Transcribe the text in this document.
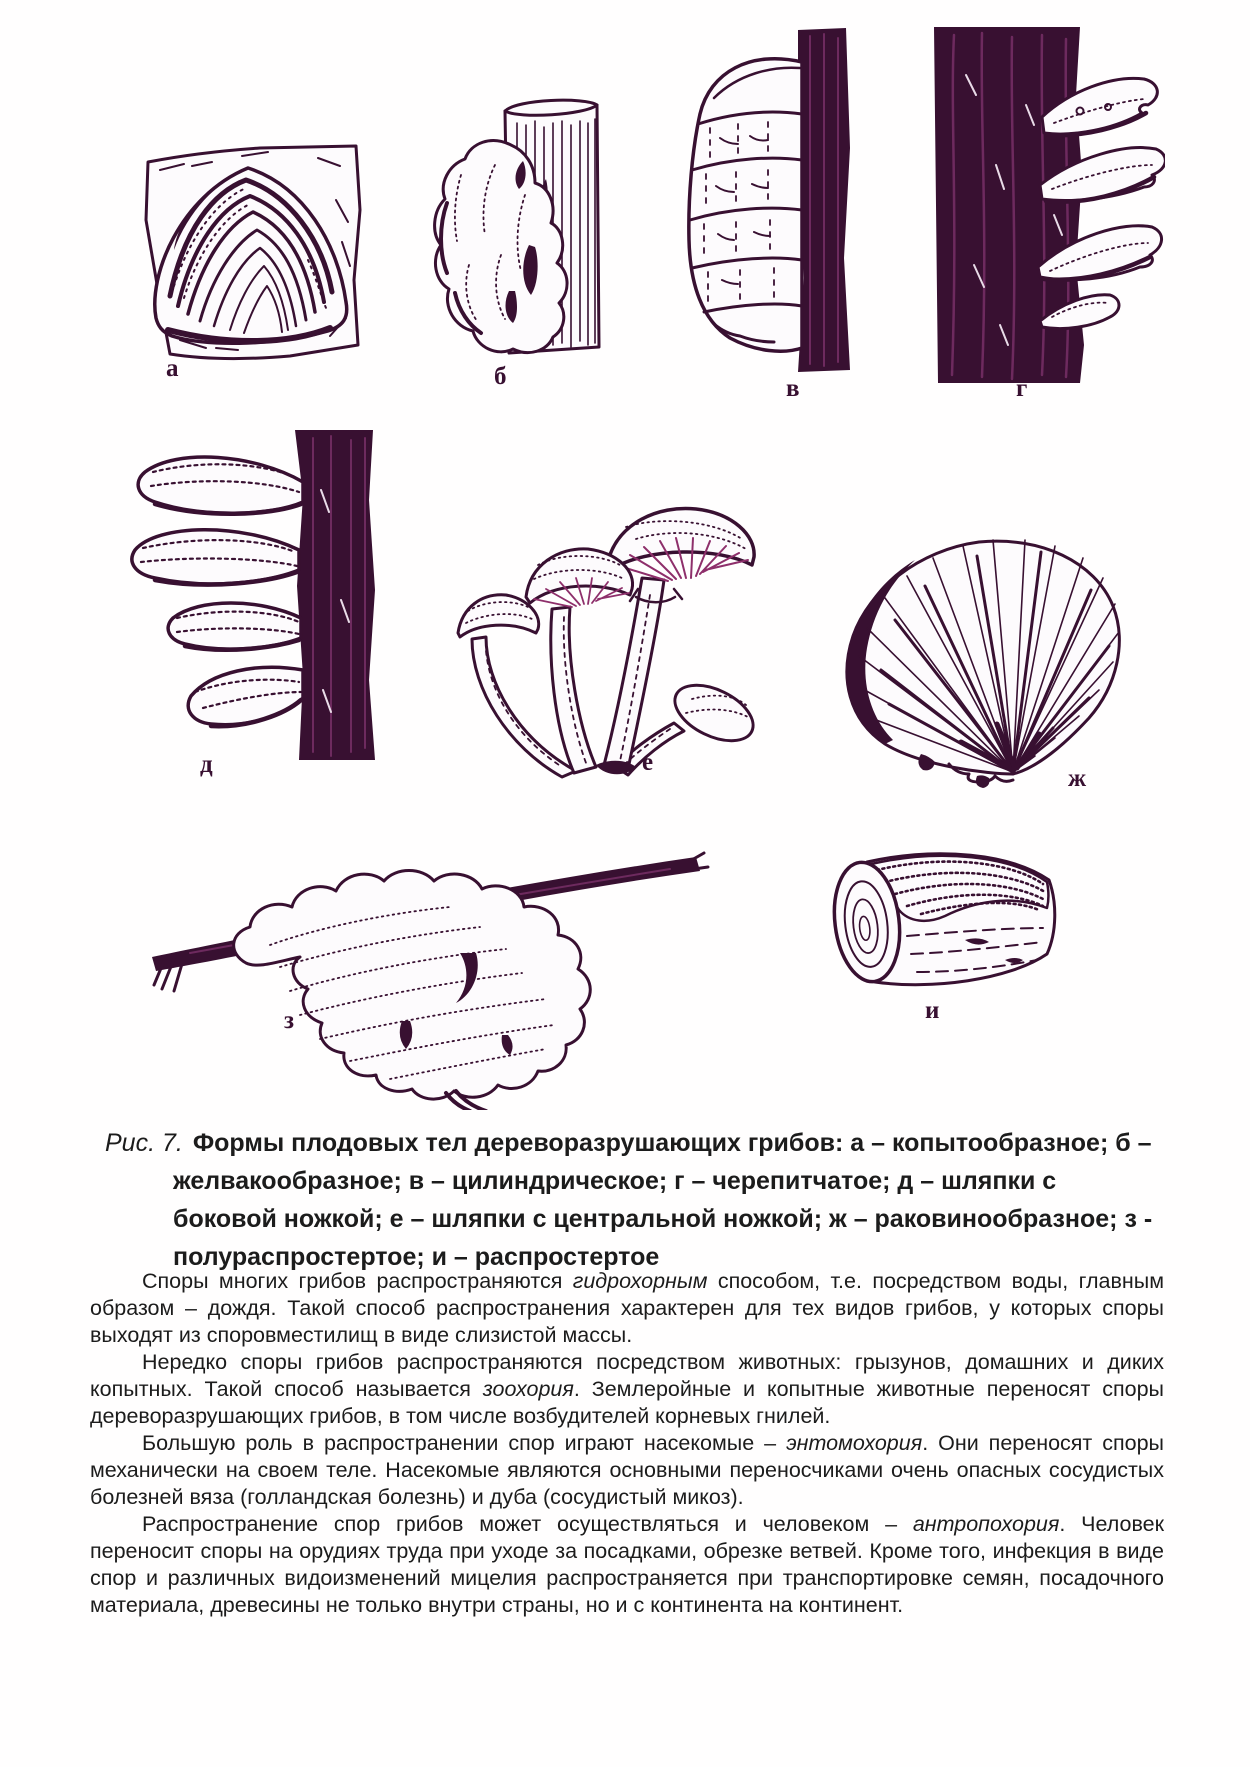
а	б	в	г
д	е
ж
з	и
Рис. 7. Формы плодовых тел дереворазрушающих грибов: а – копытообразное; б – желвакообразное; в – цилиндрическое; г – черепитчатое; д – шляпки с боковой ножкой; е – шляпки с центральной ножкой; ж – раковинообразное; з - полураспростертое; и – распростертое

Споры многих грибов распространяются гидрохорным способом, т.е. посредством воды, главным образом – дождя. Такой способ распространения характерен для тех видов грибов, у которых споры выходят из споровместилищ в виде слизистой массы.

Нередко споры грибов распространяются посредством животных: грызунов, домашних и диких копытных. Такой способ называется зоохория. Землеройные и копытные животные переносят споры дереворазрушающих грибов, в том числе возбудителей корневых гнилей.

Большую роль в распространении спор играют насекомые – энтомохория. Они переносят споры механически на своем теле. Насекомые являются основными переносчиками очень опасных сосудистых болезней вяза (голландская болезнь) и дуба (сосудистый микоз).

Распространение спор грибов может осуществляться и человеком – антропохория. Человек переносит споры на орудиях труда при уходе за посадками, обрезке ветвей. Кроме того, инфекция в виде спор и различных видоизменений мицелия распространяется при транспортировке семян, посадочного материала, древесины не только внутри страны, но и с континента на континент.
